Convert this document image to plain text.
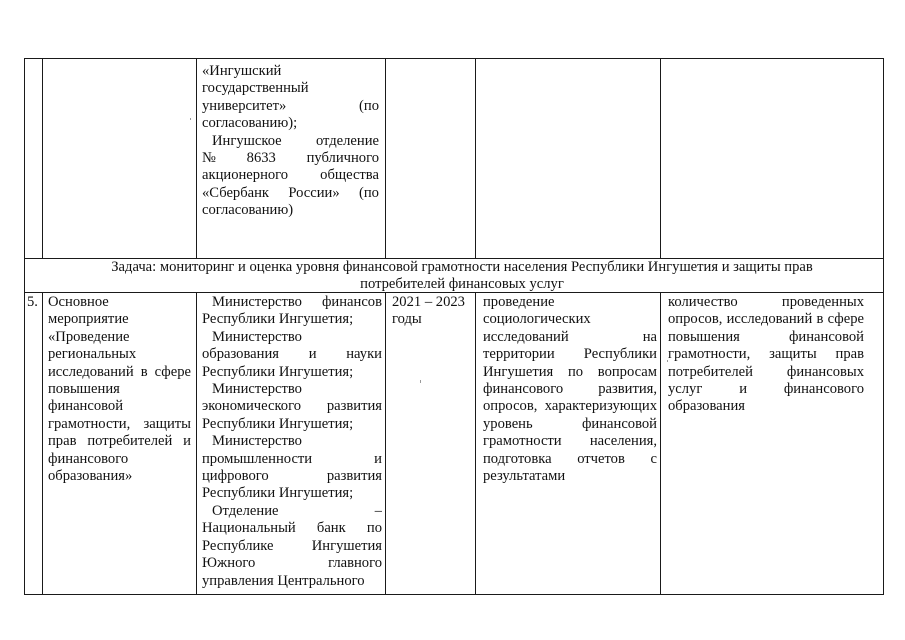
«Ингушский
государственный
университет»	(по
согласованию);
Ингушское отделение
№ 8633 публичного
акционерного общества
«Сбербанк России» (по
согласованию)
Задача: мониторинг и оценка уровня финансовой грамотности населения Республики Ингушетия и защиты прав
потребителей финансовых услуг
5. Основное мероприятие «Проведение региональных исследований в сфере повышения финансовой грамотности, защиты прав потребителей и финансового образования»
Министерство финансов Республики Ингушетия;
Министерство образования и науки Республики Ингушетия;
Министерство экономического развития Республики Ингушетия;
Министерство промышленности и цифрового развития Республики Ингушетия;
Отделение – Национальный банк по Республике Ингушетия Южного главного управления Центрального
2021 – 2023
годы
проведение социологических исследований на территории Республики Ингушетия по вопросам финансового развития, опросов, характеризующих уровень финансовой грамотности населения, подготовка отчетов с результатами
количество проведенных опросов, исследований в сфере повышения финансовой грамотности, защиты прав потребителей финансовых услуг и финансового образования
